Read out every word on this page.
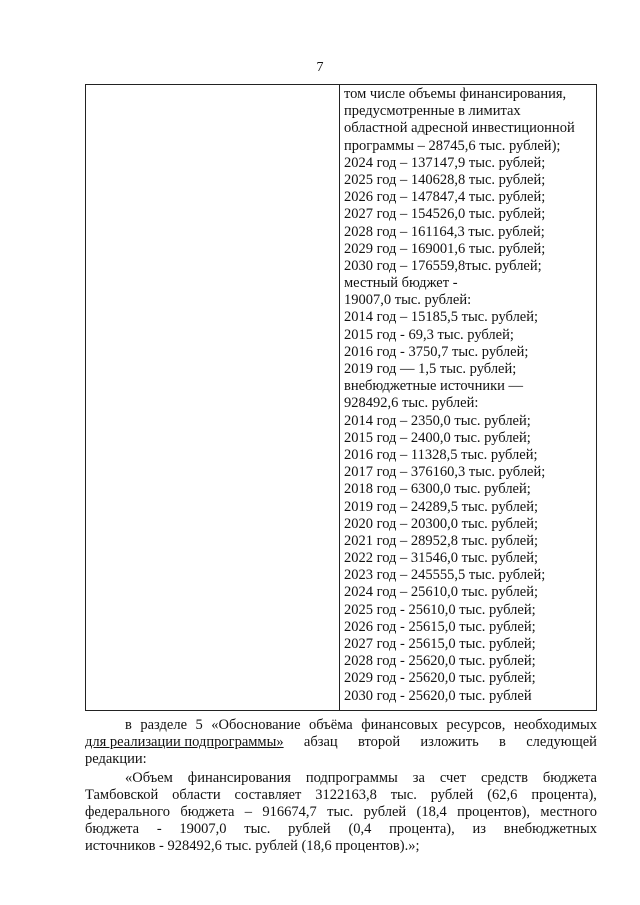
7
том числе объемы финансирования,
предусмотренные в лимитах
областной адресной инвестиционной
программы – 28745,6 тыс. рублей);
2024 год – 137147,9 тыс. рублей;
2025 год – 140628,8 тыс. рублей;
2026 год – 147847,4 тыс. рублей;
2027 год – 154526,0 тыс. рублей;
2028 год – 161164,3 тыс. рублей;
2029 год – 169001,6 тыс. рублей;
2030 год – 176559,8тыс. рублей;
местный бюджет -
19007,0 тыс. рублей:
2014 год – 15185,5 тыс. рублей;
2015 год - 69,3 тыс. рублей;
2016 год - 3750,7 тыс. рублей;
2019 год — 1,5 тыс. рублей;
внебюджетные источники —
928492,6 тыс. рублей:
2014 год – 2350,0 тыс. рублей;
2015 год – 2400,0 тыс. рублей;
2016 год – 11328,5 тыс. рублей;
2017 год – 376160,3 тыс. рублей;
2018 год – 6300,0 тыс. рублей;
2019 год – 24289,5 тыс. рублей;
2020 год – 20300,0 тыс. рублей;
2021 год – 28952,8 тыс. рублей;
2022 год – 31546,0 тыс. рублей;
2023 год – 245555,5 тыс. рублей;
2024 год – 25610,0 тыс. рублей;
2025 год - 25610,0 тыс. рублей;
2026 год - 25615,0 тыс. рублей;
2027 год - 25615,0 тыс. рублей;
2028 год - 25620,0 тыс. рублей;
2029 год - 25620,0 тыс. рублей;
2030 год - 25620,0 тыс. рублей
в разделе 5 «Обоснование объёма финансовых ресурсов, необходимых
для реализации подпрограммы» абзац второй изложить в следующей
редакции:
«Объем финансирования подпрограммы за счет средств бюджета
Тамбовской области составляет 3122163,8 тыс. рублей (62,6 процента),
федерального бюджета – 916674,7 тыс. рублей (18,4 процентов), местного
бюджета - 19007,0 тыс. рублей (0,4 процента), из внебюджетных
источников - 928492,6 тыс. рублей (18,6 процентов).»;
